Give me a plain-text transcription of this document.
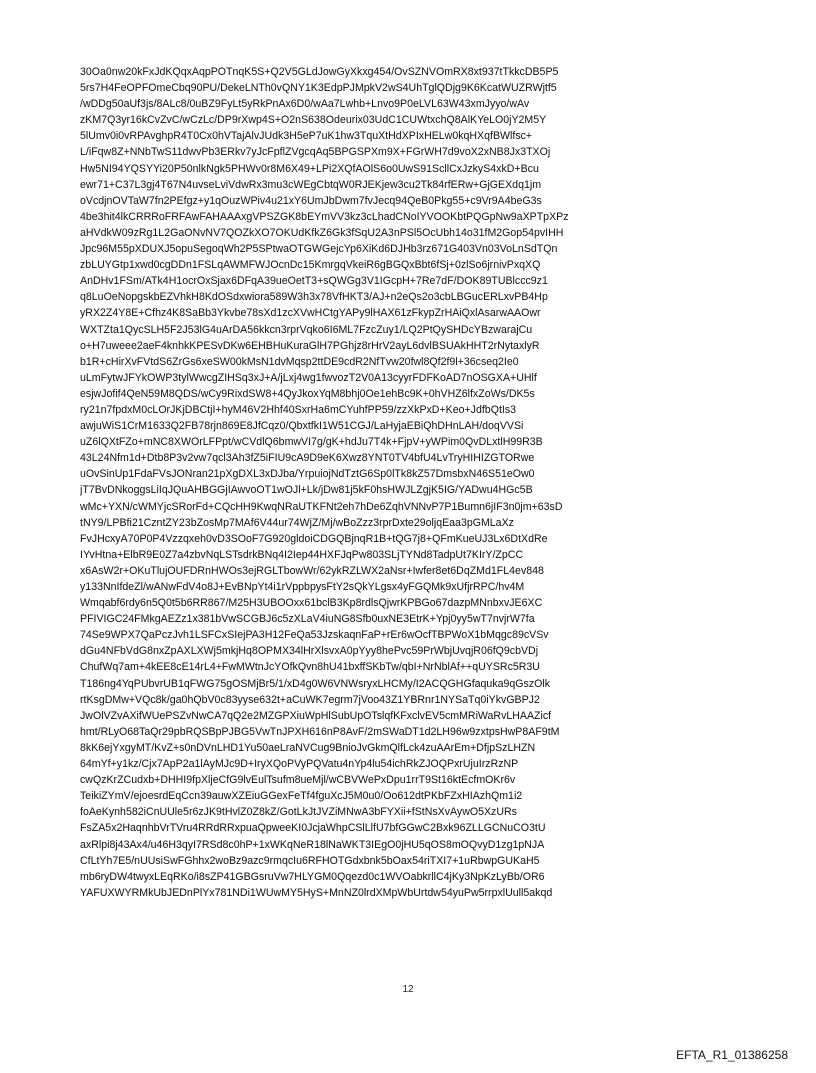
30Oa0nw20kFxJdKQqxAqpPOTnqK5S+Q2V5GLdJowGyXkxg454/OvSZNVOmRX8xt937tTkkcDB5P5
5rs7H4FeOPFOmeCbq90PU/DekeLNTh0vQNY1K3EdpPJMpkV2wS4UhTglQDjg9K6KcatWUZRWjtf5
/wDDg50aUf3js/8ALc8/0uBZ9FyLt5yRkPnAx6D0/wAa7Lwhb+Lnvo9P0eLVL63W43xmJyyo/wAv
zKM7Q3yr16kCvZvC/wCzLc/DP9rXwp4S+O2nS638Odeurix03UdC1CUWtxchQ8AlKYeLO0jY2M5Y
5lUmv0i0vRPAvghpR4T0Cx0hVTajAlvJUdk3H5eP7uK1hw3TquXtHdXPIxHELw0kqHXqfBWlfsc+
L/iFqw8Z+NNbTwS11dwvPb3ERkv7yJcFpflZVgcqAq5BPGSPXm9X+FGrWH7d9voX2xNB8Jx3TXOj
Hw5NI94YQSYYi20P50nlkNgk5PHWv0r8M6X49+LPi2XQfAOlS6o0UwS91ScllCxJzkyS4xkD+Bcu
ewr71+C37L3gj4T67N4uvseLviVdwRx3mu3cWEgCbtqW0RJEKjew3cu2Tk84rfERw+GjGEXdq1jm
oVcdjnOVTaW7fn2PEfgz+y1qOuzWPiv4u21xY6UmJbDwm7fvJecq94QeB0Pkg55+c9Vr9A4beG3s
4be3hit4lkCRRRoFRFAwFAHAAAxgVPSZGK8bEYmVV3kz3cLhadCNoIYVOOKbtPQGpNw9aXPTpXPz
aHVdkW09zRg1L2GaONvNV7QOZkXO7OKUdKfkZ6Gk3fSqU2A3nPSl5OcUbh14o31fM2Gop54pvIHH
Jpc96M55pXDUXJ5opuSegoqWh2P5SPtwaOTGWGejcYp6XiKd6DJHb3rz671G403Vn03VoLnSdTQn
zbLUYGtp1xwd0cgDDn1FSLqAWMFWJOcnDc15KmrgqVkeiR6gBGQxBbt6fSj+0zlSo6jrnivPxqXQ
AnDHv1FSm/ATk4H1ocrOxSjax6DFqA39ueOetT3+sQWGg3V1IGcpH+7Re7dF/DOK89TUBlccc9z1
q8LuOeNopgskbEZVhkH8KdOSdxwiora589W3h3x78VfHKT3/AJ+n2eQs2o3cbLBGucERLxvPB4Hp
yRX2Z4Y8E+Cfhz4K8SaBb3Ykvbe78sXd1zcXVwHCtgYAPy9lHAX61zFkypZrHAiQxlAsarwAAOwr
WXTZta1QycSLH5F2J53lG4uArDA56kkcn3rprVqko6I6ML7FzcZuy1/LQ2PtQySHDcYBzwarajCu
o+H7uweee2aeF4knhkKPESvDKw6EHBHuKuraGlH7PGhjz8rHrV2ayL6dvlBSUAkHHT2rNytaxlyR
b1R+cHirXvFVtdS6ZrGs6xeSW00kMsN1dvMqsp2ttDE9cdR2NfTvw20fwl8Qf2f9l+36cseq2Ie0
uLmFytwJFYkOWP3tylWwcgZIHSq3xJ+A/jLxj4wg1fwvozT2V0A13cyyrFDFKoAD7nOSGXA+UHlf
esjwJofif4QeN59M8QDS/wCy9RixdSW8+4QyJkoxYqM8bhj0Oe1ehBc9K+0hVHZ6lfxZoWs/DK5s
ry21n7fpdxM0cLOrJKjDBCtjI+hyM46V2Hhf40SxrHa6mCYuhfPP59/zzXkPxD+Keo+JdfbQtIs3
awjuWiS1CrM1633Q2FB78rjn869E8JfCqz0/QbxtfkI1W51CGJ/LaHyjaEBiQhDHnLAH/doqVVSi
uZ6lQXtFZo+mNC8XWOrLFPpt/wCVdlQ6bmwVI7g/gK+hdJu7T4k+FjpV+yWPim0QvDLxtlH99R3B
43L24Nfm1d+Dtb8P3v2vw7qcl3Ah3fZ5iFIU9cA9D9eK6Xwz8YNT0TV4bfU4LvTryHIHIZGTORwe
uOvSinUp1FdaFVsJONran21pXgDXL3xDJba/YrpuiojNdTztG6Sp0lTk8kZ57DmsbxN46S51eOw0
jT7BvDNkoggsLiIqJQuAHBGGjIAwvoOT1wOJl+Lk/jDw81j5kF0hsHWJLZgjK5IG/YADwu4HGc5B
wMc+YXN/cWMYjcSRorFd+CQcHH9KwqNRaUTKFNt2eh7hDe6ZqhVNNvP7P1Bumn6jIF3n0jm+63sD
tNY9/LPBfi21CzntZY23bZosMp7MAf6V44ur74WjZ/Mj/wBoZzz3rprDxte29oljqEaa3pGMLaXz
FvJHcxyA70P0P4Vzzqxeh0vD3SOoF7G920gldoiCDGQBjnqR1B+tQG7j8+QFmKueUJ3Lx6DtXdRe
IYvHtna+ElbR9E0Z7a4zbvNqLSTsdrkBNq4I2Iep44HXFJqPw803SLjTYNd8TadpUt7KIrY/ZpCC
x6AsW2r+OKuTlujOUFDRnHWOs3ejRGLTbowWr/62ykRZLWX2aNsr+Iwfer8et6DqZMd1FL4ev848
y133NnIfdeZl/wANwFdV4o8J+EvBNpYt4i1rVppbpysFtY2sQkYLgsx4yFGQMk9xUfjrRPC/hv4M
Wmqabf6rdy6n5Q0t5b6RR867/M25H3UBOOxx61bclB3Kp8rdlsQjwrKPBGo67dazpMNnbxvJE6XC
PFIVIGC24FMkgAEZz1x381bVwSCGBJ6c5zXLaV4iuNG8Sfb0uxNE3EtrK+Ypj0yy5wT7nvjrW7fa
74Se9WPX7QaPczJvh1LSFCxSIejPA3H12FeQa53JzskaqnFaP+rEr6wOcfTBPWoX1bMqgc89cVSv
dGu4NFbVdG8nxZpAXLXWj5mkjHq8OPMX34lHrXlsvxA0pYyy8hePvc59PrWbjUvqjR06fQ9cbVDj
ChufWq7am+4kEE8cE14rL4+FwMWtnJcYOfkQvn8hU41bxffSKbTw/qbI+NrNblAf++qUYSRc5R3U
T186ng4YqPUbvrUB1qFWG75gOSMjBr5/1/xD4g0W6VNWsryxLHCMy/I2ACQGHGfaquka9qGszOlk
rtKsgDMw+VQc8k/ga0hQbV0c83yyse632t+aCuWK7egrm7jVoo43Z1YBRnr1NYSaTq0iYkvGBPJ2
JwOlVZvAXifWUePSZvNwCA7qQ2e2MZGPXiuWpHlSubUpOTslqfKFxclvEV5cmMRiWaRvLHAAZicf
hmt/RLyO68TaQr29pbRQSBpPJBG5VwTnJPXH616nP8AvF/2mSWaDT1d2LH96w9zxtpsHwP8AF9tM
8kK6ejYxgyMT/KvZ+s0nDVnLHD1Yu50aeLraNVCug9BnioJvGkmQlfLck4zuAArEm+DfjpSzLHZN
64mYf+y1kz/Cjx7ApP2a1lAyMJc9D+IryXQoPVyPQVatu4nYp4lu54ichRkZJOQPxrUjuIrzRzNP
cwQzKrZCudxb+DHHI9fpXljeCfG9lvEulTsufm8ueMjl/wCBVWePxDpu1rrT9St16ktEcfmOKr6v
TeikiZYmV/ejoesrdEqCcn39auwXZEiuGGexFeTf4fguXcJ5M0u0/Oo612dtPKbFZxHIAzhQm1i2
foAeKynh582iCnUUle5r6zJK9tHvlZ0Z8kZ/GotLkJtJVZiMNwA3bFYXii+fStNsXvAywO5XzURs
FsZA5x2HaqnhbVrTVru4RRdRRxpuaQpweeKI0JcjaWhpCSlLlfU7bfGGwC2Bxk96ZLLGCNuCO3tU
axRlpi8j43Ax4/u46H3qyI7RSd8c0hP+1xWKqNeR18lNaWKT3IEgO0jHU5qOS8mOQvyD1zg1pNJA
CfLtYh7E5/nUUsiSwFGhhx2woBz9azc9rmqcIu6RFHOTGdxbnk5bOax54riTXI7+1uRbwpGUKaH5
mb6ryDW4twyxLEqRKo/i8sZP41GBGsruVw7HLYGM0Qqezd0c1WVOabkrllC4jKy3NpKzLyBb/OR6
YAFUXWYRMkUbJEDnPlYx781NDi1WUwMY5HyS+MnNZ0lrdXMpWbUrtdw54yuPw5rrpxlUull5akqd
12
EFTA_R1_01386258
